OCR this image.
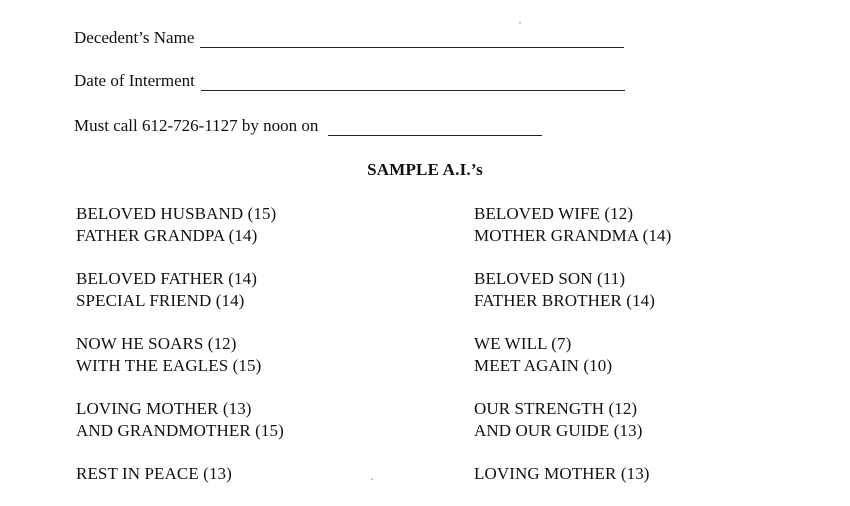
Decedent’s Name
Date of Interment
Must call 612-726-1127 by noon on
SAMPLE A.I.’s
BELOVED HUSBAND (15)
FATHER GRANDPA (14)
BELOVED FATHER (14)
SPECIAL FRIEND (14)
NOW HE SOARS (12)
WITH THE EAGLES (15)
LOVING MOTHER (13)
AND GRANDMOTHER (15)
REST IN PEACE (13)
BELOVED WIFE (12)
MOTHER GRANDMA (14)
BELOVED SON (11)
FATHER BROTHER (14)
WE WILL (7)
MEET AGAIN (10)
OUR STRENGTH (12)
AND OUR GUIDE (13)
LOVING MOTHER (13)
